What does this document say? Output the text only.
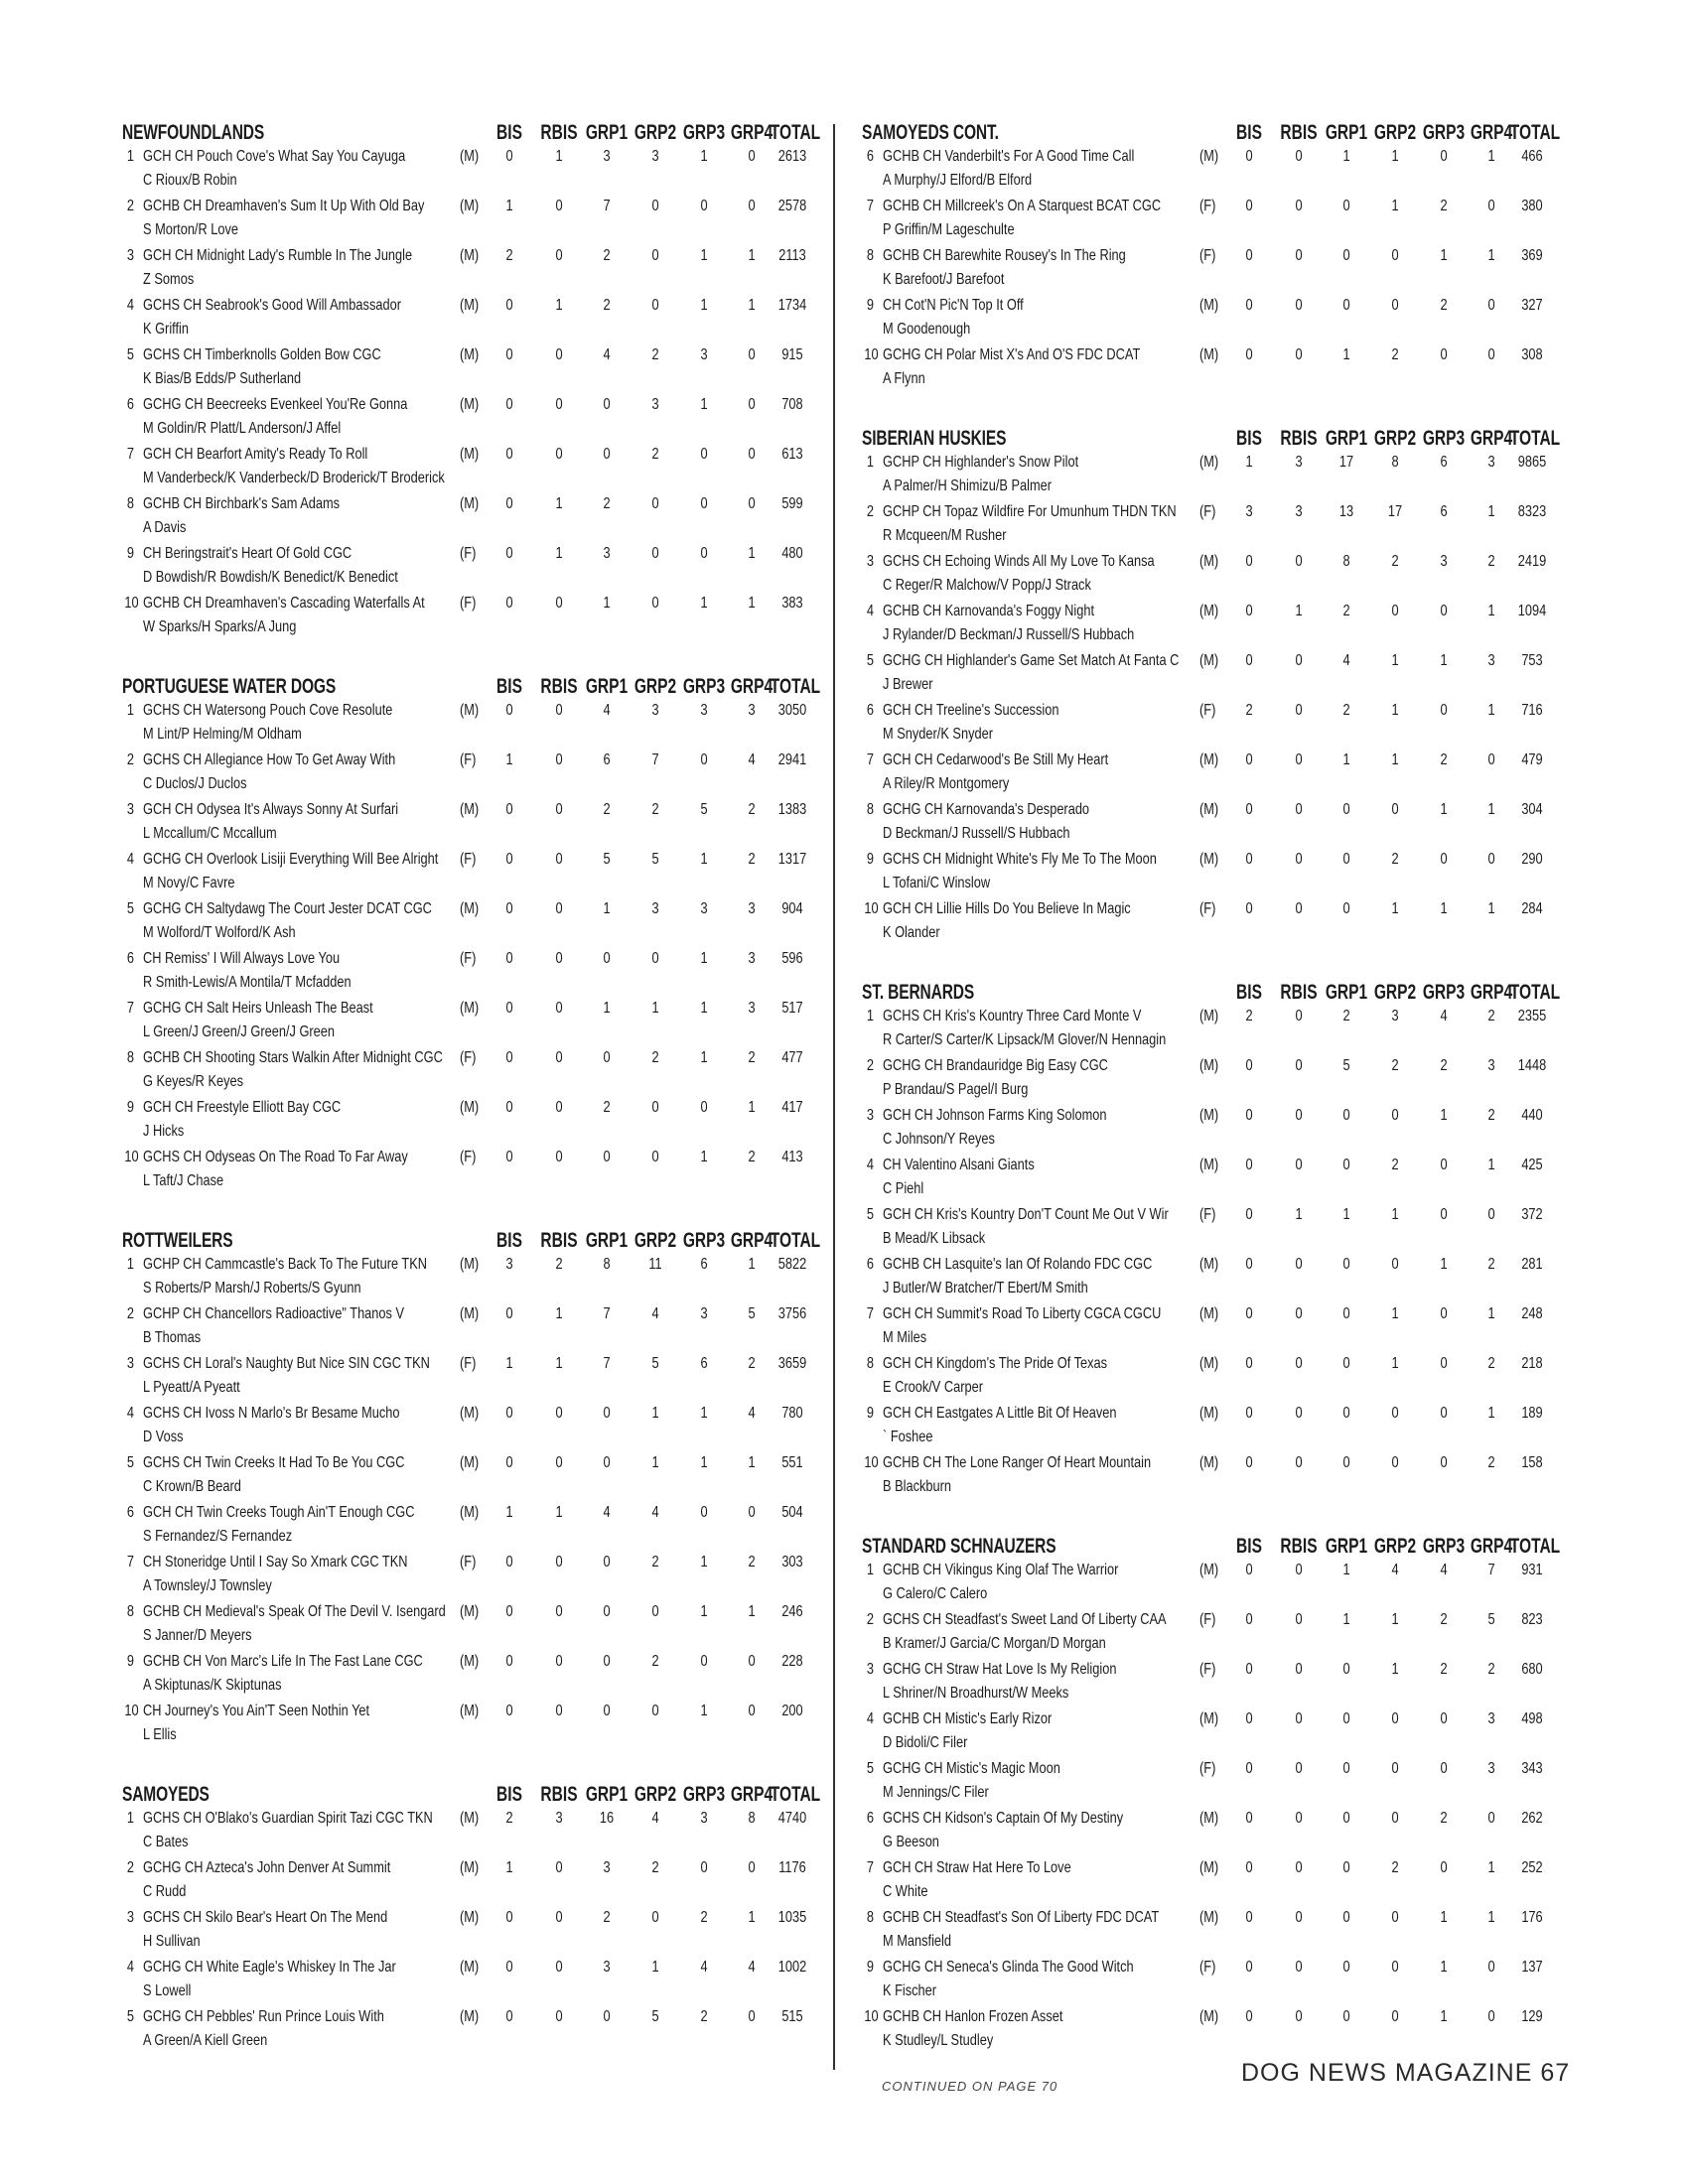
NEWFOUNDLANDS	BIS RBIS GRP1 GRP2 GRP3 GRP4
TOTAL
1 GCH CH Pouch Cove's What Say You Cayuga
C Rioux/B Robin
(M)	0	1	3	3	1	0	2613
2 GCHB CH Dreamhaven's Sum It Up With Old Bay
S Morton/R Love
(M)	1	0	7	0	0	0	2578
3 GCH CH Midnight Lady's Rumble In The Jungle
Z Somos
(M)	2	0	2	0	1	1	2113
4 GCHS CH Seabrook's Good Will Ambassador
K Griffin
(M)	0	1	2	0	1	1	1734
5 GCHS CH Timberknolls Golden Bow CGC
K Bias/B Edds/P Sutherland
(M)	0	0	4	2	3	0	915
6 GCHG CH Beecreeks Evenkeel You'Re Gonna
M Goldin/R Platt/L Anderson/J Affel
(M)	0	0	0	3	1	0	708
7 GCH CH Bearfort Amity's Ready To Roll
M Vanderbeck/K Vanderbeck/D Broderick/T Broderick
(M)	0	0	0	2	0	0	613
8 GCHB CH Birchbark's Sam Adams
A Davis
(M)	0	1	2	0	0	0	599
9 CH Beringstrait's Heart Of Gold CGC
D Bowdish/R Bowdish/K Benedict/K Benedict
(F)	0	1	3	0	0	1	480
10 GCHB CH Dreamhaven's Cascading Waterfalls At
W Sparks/H Sparks/A Jung
(F)	0	0	1	0	1	1	383
PORTUGUESE WATER DOGS	BIS RBIS GRP1 GRP2 GRP3 GRP4
TOTAL
1 GCHS CH Watersong Pouch Cove Resolute
M Lint/P Helming/M Oldham
(M)	0	0	4	3	3	3	3050
2 GCHS CH Allegiance How To Get Away With
C Duclos/J Duclos
(F)	1	0	6	7	0	4	2941
3 GCH CH Odysea It's Always Sonny At Surfari
L Mccallum/C Mccallum
(M)	0	0	2	2	5	2	1383
4 GCHG CH Overlook Lisiji Everything Will Bee Alright
M Novy/C Favre
(F)	0	0	5	5	1	2	1317
5 GCHG CH Saltydawg The Court Jester DCAT CGC
M Wolford/T Wolford/K Ash
(M)	0	0	1	3	3	3	904
6 CH Remiss' I Will Always Love You
R Smith-Lewis/A Montila/T Mcfadden
(F)	0	0	0	0	1	3	596
7 GCHG CH Salt Heirs Unleash The Beast
L Green/J Green/J Green/J Green
(M)	0	0	1	1	1	3	517
8 GCHB CH Shooting Stars Walkin After Midnight CGC
G Keyes/R Keyes
(F)	0	0	0	2	1	2	477
9 GCH CH Freestyle Elliott Bay CGC
J Hicks
(M)	0	0	2	0	0	1	417
10 GCHS CH Odyseas On The Road To Far Away
L Taft/J Chase
(F)	0	0	0	0	1	2	413
ROTTWEILERS	BIS RBIS GRP1 GRP2 GRP3 GRP4
TOTAL
1 GCHP CH Cammcastle's Back To The Future TKN
S Roberts/P Marsh/J Roberts/S Gyunn
(M)	3	2	8	11	6	1	5822
2 GCHP CH Chancellors Radioactive" Thanos V
B Thomas
(M)	0	1	7	4	3	5	3756
3 GCHS CH Loral's Naughty But Nice SIN CGC TKN
L Pyeatt/A Pyeatt
(F)	1	1	7	5	6	2	3659
4 GCHS CH Ivoss N Marlo's Br Besame Mucho
D Voss
(M)	0	0	0	1	1	4	780
5 GCHS CH Twin Creeks It Had To Be You CGC
C Krown/B Beard
(M)	0	0	0	1	1	1	551
6 GCH CH Twin Creeks Tough Ain'T Enough CGC
S Fernandez/S Fernandez
(M)	1	1	4	4	0	0	504
7 CH Stoneridge Until I Say So Xmark CGC TKN
A Townsley/J Townsley
(F)	0	0	0	2	1	2	303
8 GCHB CH Medieval's Speak Of The Devil V. Isengard
S Janner/D Meyers
(M)	0	0	0	0	1	1	246
9 GCHB CH Von Marc's Life In The Fast Lane CGC
A Skiptunas/K Skiptunas
(M)	0	0	0	2	0	0	228
10 CH Journey's You Ain'T Seen Nothin Yet
L Ellis
(M)	0	0	0	0	1	0	200
SAMOYEDS	BIS RBIS GRP1 GRP2 GRP3 GRP4
TOTAL
1 GCHS CH O'Blako's Guardian Spirit Tazi CGC TKN
C Bates
(M)	2	3	16	4	3	8	4740
2 GCHG CH Azteca's John Denver At Summit
C Rudd
(M)	1	0	3	2	0	0	1176
3 GCHS CH Skilo Bear's Heart On The Mend
H Sullivan
(M)	0	0	2	0	2	1	1035
4 GCHG CH White Eagle's Whiskey In The Jar
S Lowell
(M)	0	0	3	1	4	4	1002
5 GCHG CH Pebbles' Run Prince Louis With
A Green/A Kiell Green
(M)	0	0	0	5	2	0	515
SAMOYEDS CONT.	BIS RBIS GRP1 GRP2 GRP3 GRP4
TOTAL
6 GCHB CH Vanderbilt's For A Good Time Call
A Murphy/J Elford/B Elford
(M)	0	0	1	1	0	1	466
7 GCHB CH Millcreek's On A Starquest BCAT CGC
P Griffin/M Lageschulte
(F)	0	0	0	1	2	0	380
8 GCHB CH Barewhite Rousey's In The Ring
K Barefoot/J Barefoot
(F)	0	0	0	0	1	1	369
9 CH Cot'N Pic'N Top It Off
M Goodenough
(M)	0	0	0	0	2	0	327
10 GCHG CH Polar Mist X's And O'S FDC DCAT
A Flynn
(M)	0	0	1	2	0	0	308
SIBERIAN HUSKIES	BIS RBIS GRP1 GRP2 GRP3 GRP4
TOTAL
1 GCHP CH Highlander's Snow Pilot
A Palmer/H Shimizu/B Palmer
(M)	1	3	17	8	6	3	9865
2 GCHP CH Topaz Wildfire For Umunhum THDN TKN
R Mcqueen/M Rusher
(F)	3	3	13	17	6	1	8323
3 GCHS CH Echoing Winds All My Love To Kansa
C Reger/R Malchow/V Popp/J Strack
(M)	0	0	8	2	3	2	2419
4 GCHB CH Karnovanda's Foggy Night
J Rylander/D Beckman/J Russell/S Hubbach
(M)	0	1	2	0	0	1	1094
5 GCHG CH Highlander's Game Set Match At Fanta C
J Brewer
(M)	0	0	4	1	1	3	753
6 GCH CH Treeline's Succession
M Snyder/K Snyder
(F)	2	0	2	1	0	1	716
7 GCH CH Cedarwood's Be Still My Heart
A Riley/R Montgomery
(M)	0	0	1	1	2	0	479
8 GCHG CH Karnovanda's Desperado
D Beckman/J Russell/S Hubbach
(M)	0	0	0	0	1	1	304
9 GCHS CH Midnight White's Fly Me To The Moon
L Tofani/C Winslow
(M)	0	0	0	2	0	0	290
10 GCH CH Lillie Hills Do You Believe In Magic
K Olander
(F)	0	0	0	1	1	1	284
ST. BERNARDS	BIS RBIS GRP1 GRP2 GRP3 GRP4
TOTAL
1 GCHS CH Kris's Kountry Three Card Monte V
R Carter/S Carter/K Lipsack/M Glover/N Hennagin
(M)	2	0	2	3	4	2	2355
2 GCHG CH Brandauridge Big Easy CGC
P Brandau/S Pagel/I Burg
(M)	0	0	5	2	2	3	1448
3 GCH CH Johnson Farms King Solomon
C Johnson/Y Reyes
(M)	0	0	0	0	1	2	440
4 CH Valentino Alsani Giants
C Piehl
(M)	0	0	0	2	0	1	425
5 GCH CH Kris's Kountry Don'T Count Me Out V Wir
B Mead/K Libsack
(F)	0	1	1	1	0	0	372
6 GCHB CH Lasquite's Ian Of Rolando FDC CGC
J Butler/W Bratcher/T Ebert/M Smith
(M)	0	0	0	0	1	2	281
7 GCH CH Summit's Road To Liberty CGCA CGCU
M Miles
(M)	0	0	0	1	0	1	248
8 GCH CH Kingdom's The Pride Of Texas
E Crook/V Carper
(M)	0	0	0	1	0	2	218
9 GCH CH Eastgates A Little Bit Of Heaven
` Foshee
(M)	0	0	0	0	0	1	189
10 GCHB CH The Lone Ranger Of Heart Mountain
B Blackburn
(M)	0	0	0	0	0	2	158
STANDARD SCHNAUZERS	BIS RBIS GRP1 GRP2 GRP3 GRP4
TOTAL
1 GCHB CH Vikingus King Olaf The Warrior
G Calero/C Calero
(M)	0	0	1	4	4	7	931
2 GCHS CH Steadfast's Sweet Land Of Liberty CAA
B Kramer/J Garcia/C Morgan/D Morgan
(F)	0	0	1	1	2	5	823
3 GCHG CH Straw Hat Love Is My Religion
L Shriner/N Broadhurst/W Meeks
(F)	0	0	0	1	2	2	680
4 GCHB CH Mistic's Early Rizor
D Bidoli/C Filer
(M)	0	0	0	0	0	3	498
5 GCHG CH Mistic's Magic Moon
M Jennings/C Filer
(F)	0	0	0	0	0	3	343
6 GCHS CH Kidson's Captain Of My Destiny
G Beeson
(M)	0	0	0	0	2	0	262
7 GCH CH Straw Hat Here To Love
C White
(M)	0	0	0	2	0	1	252
8 GCHB CH Steadfast's Son Of Liberty FDC DCAT
M Mansfield
(M)	0	0	0	0	1	1	176
9 GCHG CH Seneca's Glinda The Good Witch
K Fischer
(F)	0	0	0	0	1	0	137
10 GCHB CH Hanlon Frozen Asset
K Studley/L Studley
(M)	0	0	0	0	1	0	129
CONTINUED ON PAGE 70	DOG NEWS MAGAZINE 67
